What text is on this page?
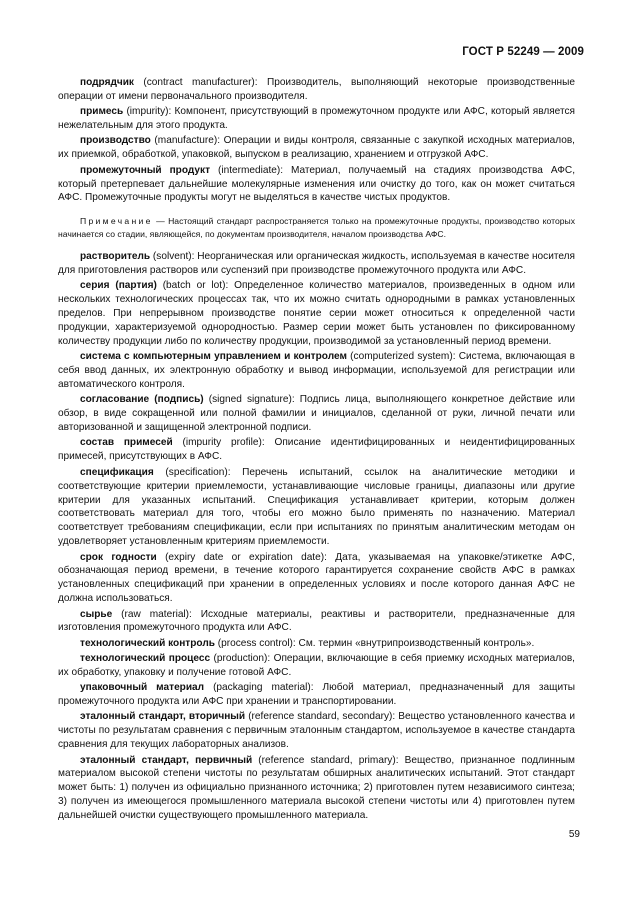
ГОСТ Р 52249 — 2009

подрядчик (contract manufacturer): Производитель, выполняющий некоторые производственные операции от имени первоначального производителя.

примесь (impurity): Компонент, присутствующий в промежуточном продукте или АФС, который является нежелательным для этого продукта.

производство (manufacture): Операции и виды контроля, связанные с закупкой исходных материалов, их приемкой, обработкой, упаковкой, выпуском в реализацию, хранением и отгрузкой АФС.

промежуточный продукт (intermediate): Материал, получаемый на стадиях производства АФС, который претерпевает дальнейшие молекулярные изменения или очистку до того, как он может считаться АФС. Промежуточные продукты могут не выделяться в качестве чистых продуктов.

Примечание — Настоящий стандарт распространяется только на промежуточные продукты, производство которых начинается со стадии, являющейся, по документам производителя, началом производства АФС.

растворитель (solvent): Неорганическая или органическая жидкость, используемая в качестве носителя для приготовления растворов или суспензий при производстве промежуточного продукта или АФС.

серия (партия) (batch or lot): Определенное количество материалов, произведенных в одном или нескольких технологических процессах так, что их можно считать однородными в рамках установленных пределов. При непрерывном производстве понятие серии может относиться к определенной части продукции, характеризуемой однородностью. Размер серии может быть установлен по фиксированному количеству продукции либо по количеству продукции, производимой за установленный период времени.

система с компьютерным управлением и контролем (computerized system): Система, включающая в себя ввод данных, их электронную обработку и вывод информации, используемой для регистрации или автоматического контроля.

согласование (подпись) (signed signature): Подпись лица, выполняющего конкретное действие или обзор, в виде сокращенной или полной фамилии и инициалов, сделанной от руки, личной печати или авторизованной и защищенной электронной подписи.

состав примесей (impurity profile): Описание идентифицированных и неидентифицированных примесей, присутствующих в АФС.

спецификация (specification): Перечень испытаний, ссылок на аналитические методики и соответствующие критерии приемлемости, устанавливающие числовые границы, диапазоны или другие критерии для указанных испытаний. Спецификация устанавливает критерии, которым должен соответствовать материал для того, чтобы его можно было применять по назначению. Материал соответствует требованиям спецификации, если при испытаниях по принятым аналитическим методам он удовлетворяет установленным критериям приемлемости.

срок годности (expiry date or expiration date): Дата, указываемая на упаковке/этикетке АФС, обозначающая период времени, в течение которого гарантируется сохранение свойств АФС в рамках установленных спецификаций при хранении в определенных условиях и после которого данная АФС не должна использоваться.

сырье (raw material): Исходные материалы, реактивы и растворители, предназначенные для изготовления промежуточного продукта или АФС.

технологический контроль (process control): См. термин «внутрипроизводственный контроль».

технологический процесс (production): Операции, включающие в себя приемку исходных материалов, их обработку, упаковку и получение готовой АФС.

упаковочный материал (packaging material): Любой материал, предназначенный для защиты промежуточного продукта или АФС при хранении и транспортировании.

эталонный стандарт, вторичный (reference standard, secondary): Вещество установленного качества и чистоты по результатам сравнения с первичным эталонным стандартом, используемое в качестве стандарта сравнения для текущих лабораторных анализов.

эталонный стандарт, первичный (reference standard, primary): Вещество, признанное подлинным материалом высокой степени чистоты по результатам обширных аналитических испытаний. Этот стандарт может быть: 1) получен из официально признанного источника; 2) приготовлен путем независимого синтеза; 3) получен из имеющегося промышленного материала высокой степени чистоты или 4) приготовлен путем дальнейшей очистки существующего промышленного материала.

59
